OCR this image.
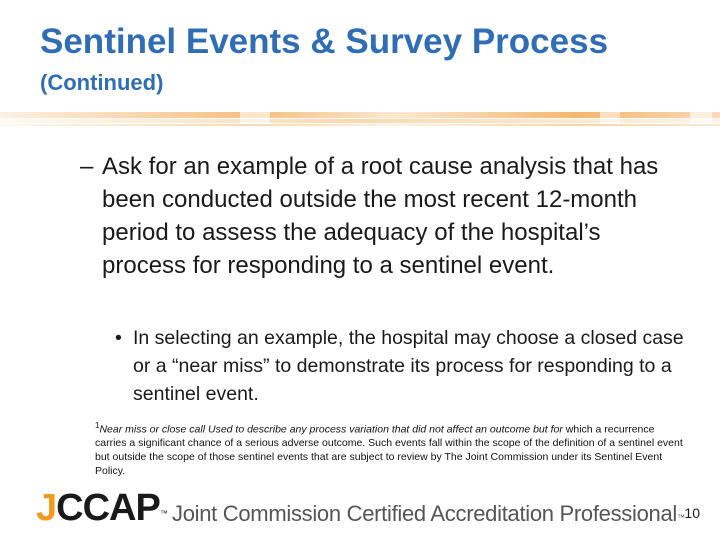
Sentinel Events & Survey Process
(Continued)
– Ask for an example of a root cause analysis that has been conducted outside the most recent 12-month period to assess the adequacy of the hospital’s process for responding to a sentinel event.
• In selecting an example, the hospital may choose a closed case or a “near miss” to demonstrate its process for responding to a sentinel event.
$^1$Near miss or close call Used to describe any process variation that did not affect an outcome but for which a recurrence carries a significant chance of a serious adverse outcome. Such events fall within the scope of the definition of a sentinel event but outside the scope of those sentinel events that are subject to review by The Joint Commission under its Sentinel Event Policy.
JCCAP™ Joint Commission Certified Accreditation Professional™ 10
